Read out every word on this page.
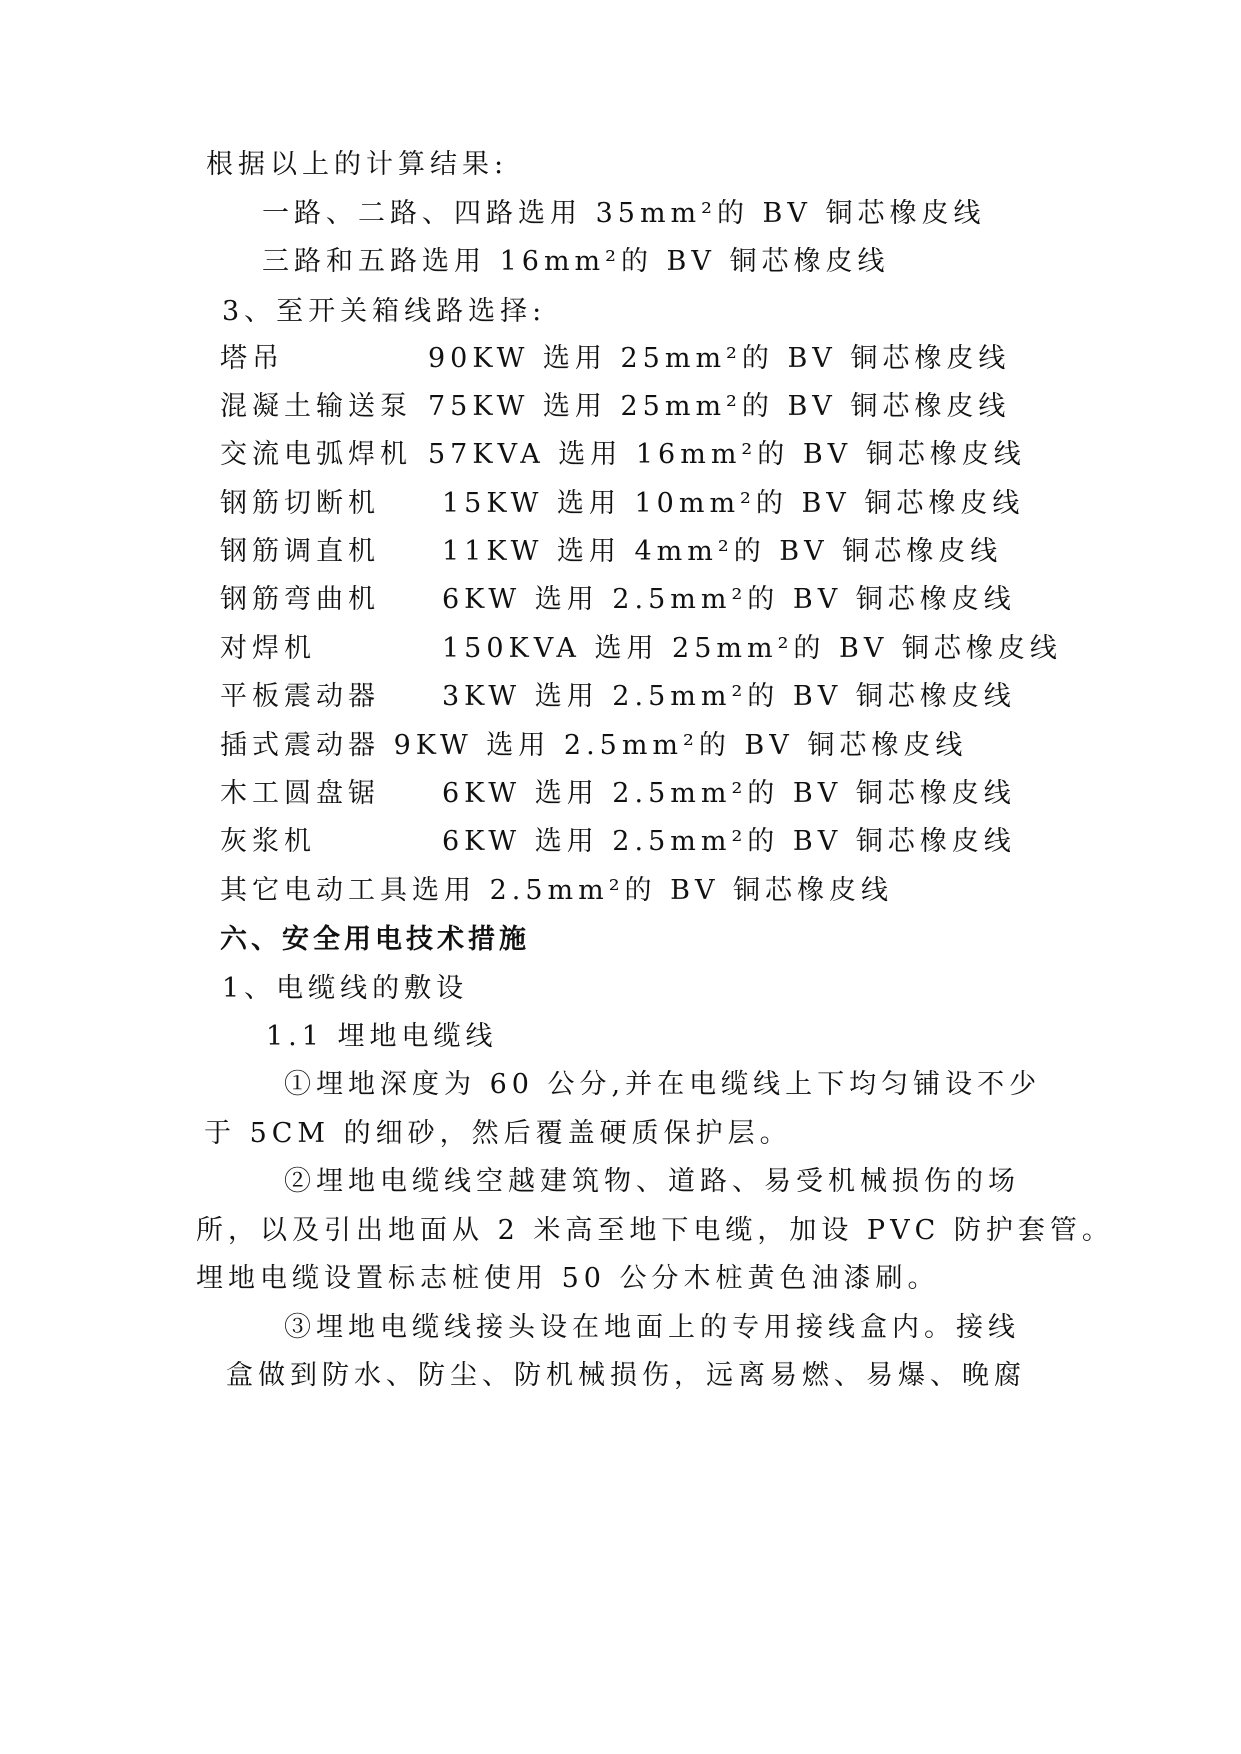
根据以上的计算结果:
一路、二路、四路选用 35mm²的 BV 铜芯橡皮线
三路和五路选用 16mm²的 BV 铜芯橡皮线
3、至开关箱线路选择:
塔吊	90KW 选用 25mm²的 BV 铜芯橡皮线
混凝土输送泵 75KW 选用 25mm²的 BV 铜芯橡皮线
交流电弧焊机 57KVA 选用 16mm²的 BV 铜芯橡皮线
钢筋切断机 15KW 选用 10mm²的 BV 铜芯橡皮线
钢筋调直机 11KW 选用 4mm²的 BV 铜芯橡皮线
钢筋弯曲机 6KW 选用 2.5mm²的 BV 铜芯橡皮线
对焊机	150KVA 选用 25mm²的 BV 铜芯橡皮线
平板震动器 3KW 选用 2.5mm²的 BV 铜芯橡皮线
插式震动器 9KW 选用 2.5mm²的 BV 铜芯橡皮线
木工圆盘锯 6KW 选用 2.5mm²的 BV 铜芯橡皮线
灰浆机	6KW 选用 2.5mm²的 BV 铜芯橡皮线
其它电动工具选用 2.5mm²的 BV 铜芯橡皮线
六、安全用电技术措施
1、电缆线的敷设
1.1 埋地电缆线
①埋地深度为 60 公分,并在电缆线上下均匀铺设不少
于 5CM 的细砂，然后覆盖硬质保护层。
②埋地电缆线空越建筑物、道路、易受机械损伤的场
所，以及引出地面从 2 米高至地下电缆，加设 PVC 防护套管。
埋地电缆设置标志桩使用 50 公分木桩黄色油漆刷。
③埋地电缆线接头设在地面上的专用接线盒内。接线
盒做到防水、防尘、防机械损伤，远离易燃、易爆、晚腐
